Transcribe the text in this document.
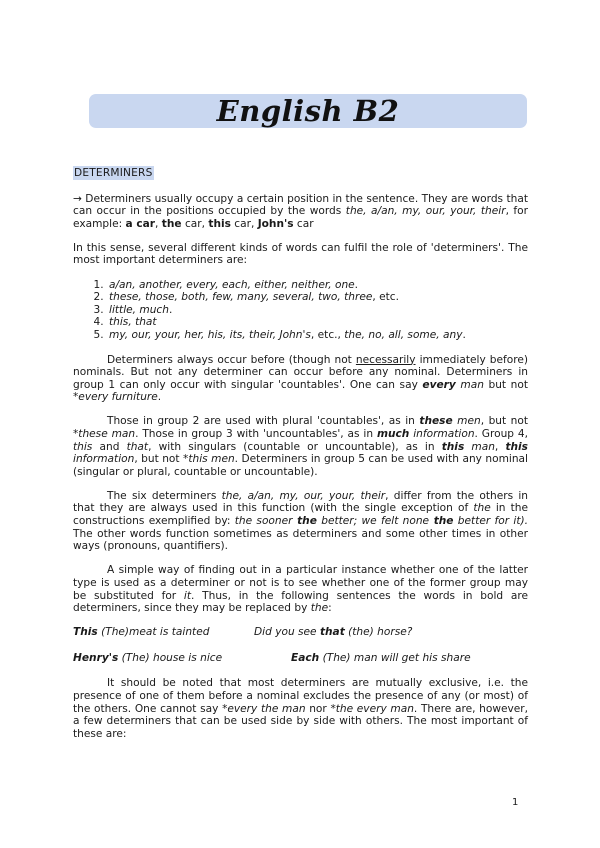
English B2
DETERMINERS

→ Determiners usually occupy a certain position in the sentence. They are words that can occur in the positions occupied by the words the, a/an, my, our, your, their, for example: a car, the car, this car, John's car

In this sense, several different kinds of words can fulfil the role of 'determiners'. The most important determiners are:

1. a/an, another, every, each, either, neither, one.
2. these, those, both, few, many, several, two, three, etc.
3. little, much.
4. this, that
5. my, our, your, her, his, its, their, John's, etc., the, no, all, some, any.

Determiners always occur before (though not necessarily immediately before) nominals. But not any determiner can occur before any nominal. Determiners in group 1 can only occur with singular 'countables'. One can say every man but not *every furniture.

Those in group 2 are used with plural 'countables', as in these men, but not *these man. Those in group 3 with 'uncountables', as in much information. Group 4, this and that, with singulars (countable or uncountable), as in this man, this information, but not *this men. Determiners in group 5 can be used with any nominal (singular or plural, countable or uncountable).

The six determiners the, a/an, my, our, your, their, differ from the others in that they are always used in this function (with the single exception of the in the constructions exemplified by: the sooner the better; we felt none the better for it). The other words function sometimes as determiners and some other times in other ways (pronouns, quantifiers).

A simple way of finding out in a particular instance whether one of the latter type is used as a determiner or not is to see whether one of the former group may be substituted for it. Thus, in the following sentences the words in bold are determiners, since they may be replaced by the:

This (The)meat is tainted	Did you see that (the) horse?
Henry's (The) house is nice	Each (The) man will get his share

It should be noted that most determiners are mutually exclusive, i.e. the presence of one of them before a nominal excludes the presence of any (or most) of the others. One cannot say *every the man nor *the every man. There are, however, a few determiners that can be used side by side with others. The most important of these are:

1
